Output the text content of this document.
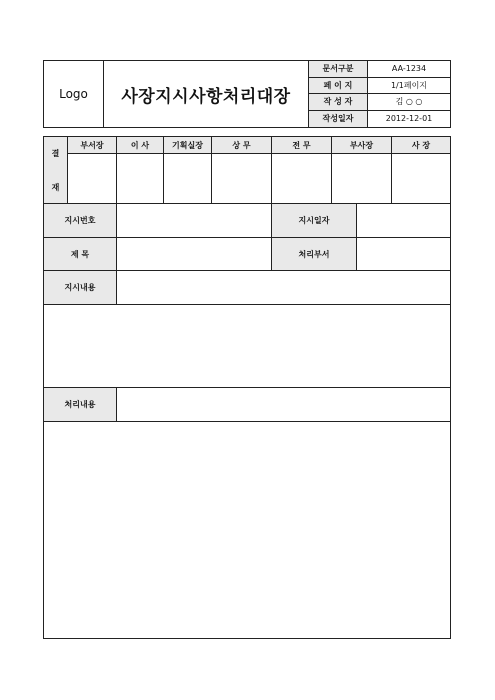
Logo 사장지시사항처리대장
문서구분	AA-1234
페 이 지	1/1페이지
작 성 자	김 ○ ○
작성일자	2012-12-01
결
재
부서장	이 사	기획실장	상 무	전 무	부사장	사 장
지시번호	지시일자
제 목	처리부서
지시내용
처리내용
